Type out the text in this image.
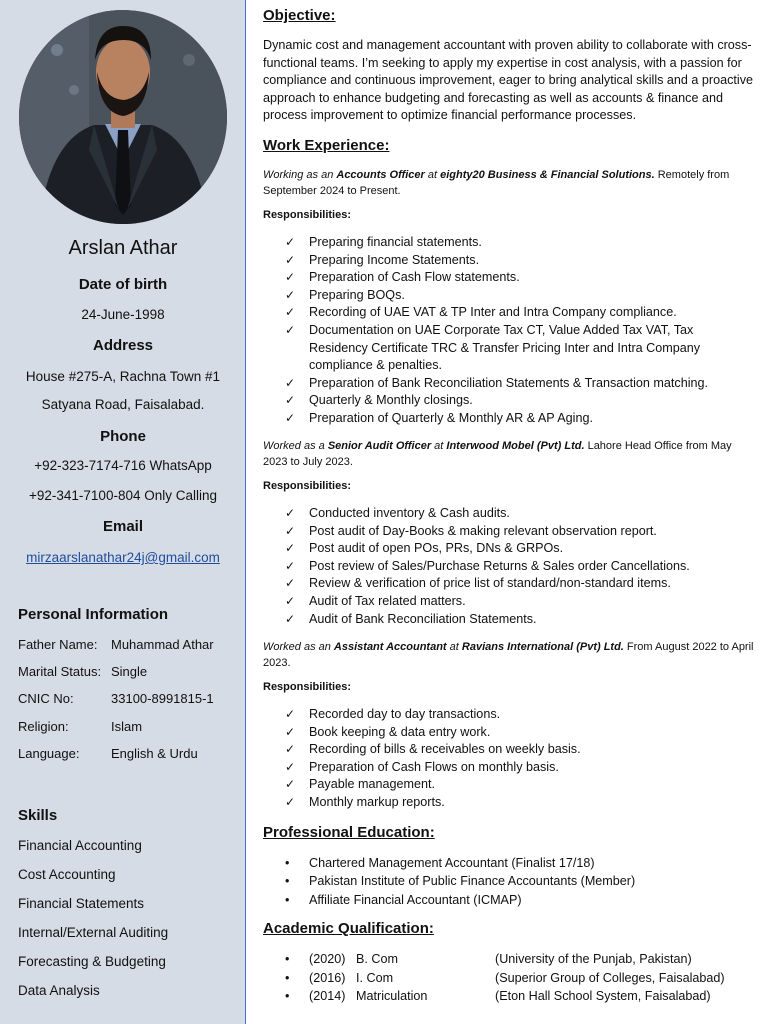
Arslan Athar
Date of birth
24-June-1998
Address
House #275-A, Rachna Town #1
Satyana Road, Faisalabad.
Phone
+92-323-7174-716 WhatsApp
+92-341-7100-804 Only Calling
Email
mirzaarslanathar24j@gmail.com
Personal Information
Father Name:	Muhammad Athar
Marital Status: Single
CNIC No:	33100-8991815-1
Religion:	Islam
Language:	English & Urdu
Skills
Financial Accounting
Cost Accounting
Financial Statements
Internal/External Auditing
Forecasting & Budgeting
Data Analysis
Objective:
Dynamic cost and management accountant with proven ability to collaborate with cross-functional teams. I’m seeking to apply my expertise in cost analysis, with a passion for compliance and continuous improvement, eager to bring analytical skills and a proactive approach to enhance budgeting and forecasting as well as accounts & finance and process improvement to optimize financial performance processes.
Work Experience:
Working as an Accounts Officer at eighty20 Business & Financial Solutions. Remotely from September 2024 to Present.
Responsibilities:
✓ Preparing financial statements.
✓ Preparing Income Statements.
✓ Preparation of Cash Flow statements.
✓ Preparing BOQs.
✓ Recording of UAE VAT & TP Inter and Intra Company compliance.
✓ Documentation on UAE Corporate Tax CT, Value Added Tax VAT, Tax Residency Certificate TRC & Transfer Pricing Inter and Intra Company compliance & penalties.
✓ Preparation of Bank Reconciliation Statements & Transaction matching.
✓ Quarterly & Monthly closings.
✓ Preparation of Quarterly & Monthly AR & AP Aging.
Worked as a Senior Audit Officer at Interwood Mobel (Pvt) Ltd. Lahore Head Office from May 2023 to July 2023.
Responsibilities:
✓ Conducted inventory & Cash audits.
✓ Post audit of Day-Books & making relevant observation report.
✓ Post audit of open POs, PRs, DNs & GRPOs.
✓ Post review of Sales/Purchase Returns & Sales order Cancellations.
✓ Review & verification of price list of standard/non-standard items.
✓ Audit of Tax related matters.
✓ Audit of Bank Reconciliation Statements.
Worked as an Assistant Accountant at Ravians International (Pvt) Ltd. From August 2022 to April 2023.
Responsibilities:
✓ Recorded day to day transactions.
✓ Book keeping & data entry work.
✓ Recording of bills & receivables on weekly basis.
✓ Preparation of Cash Flows on monthly basis.
✓ Payable management.
✓ Monthly markup reports.
Professional Education:
• Chartered Management Accountant (Finalist 17/18)
• Pakistan Institute of Public Finance Accountants (Member)
• Affiliate Financial Accountant (ICMAP)
Academic Qualification:
• (2020) B. Com	(University of the Punjab, Pakistan)
• (2016) I. Com	(Superior Group of Colleges, Faisalabad)
• (2014) Matriculation	(Eton Hall School System, Faisalabad)
